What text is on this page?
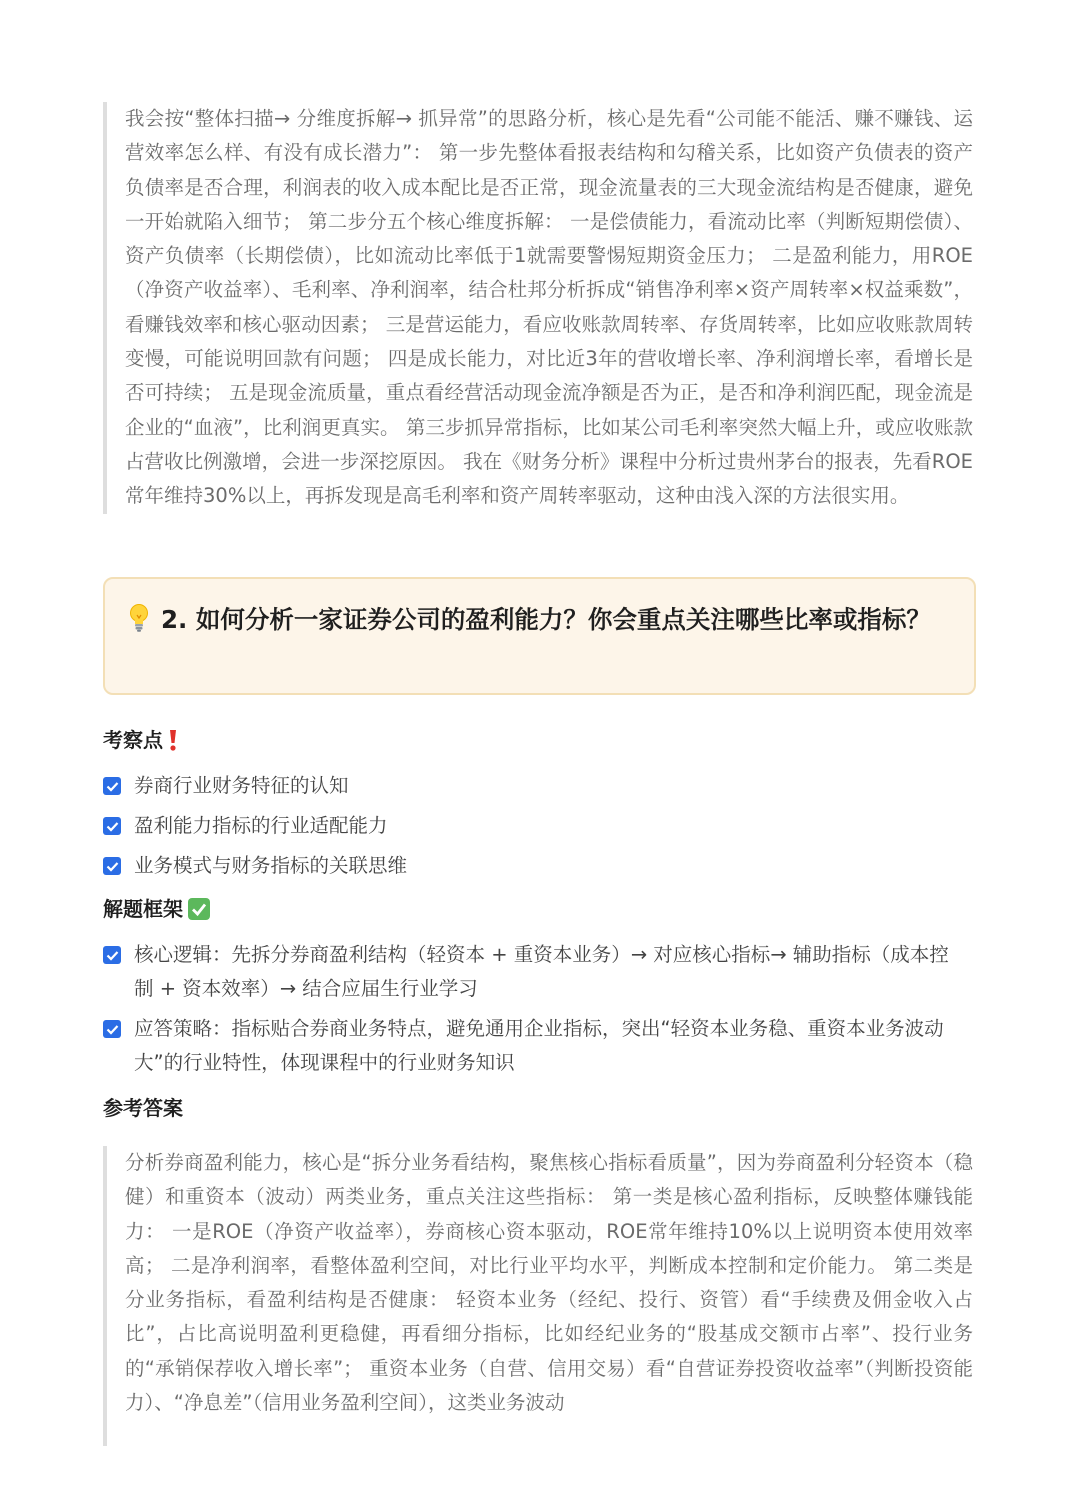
我会按“整体扫描→ 分维度拆解→ 抓异常”的思路分析，核心是先看“公司能不能活、赚不赚钱、运营效率怎么样、有没有成长潜力”： 第一步先整体看报表结构和勾稽关系，比如资产负债表的资产负债率是否合理，利润表的收入成本配比是否正常，现金流量表的三大现金流结构是否健康，避免一开始就陷入细节； 第二步分五个核心维度拆解： 一是偿债能力，看流动比率（判断短期偿债）、资产负债率（长期偿债），比如流动比率低于1就需要警惕短期资金压力； 二是盈利能力，用ROE（净资产收益率）、毛利率、净利润率，结合杜邦分析拆成“销售净利率×资产周转率×权益乘数”，看赚钱效率和核心驱动因素； 三是营运能力，看应收账款周转率、存货周转率，比如应收账款周转变慢，可能说明回款有问题； 四是成长能力，对比近3年的营收增长率、净利润增长率，看增长是否可持续； 五是现金流质量，重点看经营活动现金流净额是否为正，是否和净利润匹配，现金流是企业的“血液”，比利润更真实。 第三步抓异常指标，比如某公司毛利率突然大幅上升，或应收账款占营收比例激增，会进一步深挖原因。 我在《财务分析》课程中分析过贵州茅台的报表，先看ROE常年维持30%以上，再拆发现是高毛利率和资产周转率驱动，这种由浅入深的方法很实用。

2. 如何分析一家证券公司的盈利能力？你会重点关注哪些比率或指标？
考察点
券商行业财务特征的认知
盈利能力指标的行业适配能力
业务模式与财务指标的关联思维
解题框架
核心逻辑：先拆分券商盈利结构（轻资本 + 重资本业务）→ 对应核心指标→ 辅助指标（成本控制 + 资本效率）→ 结合应届生行业学习
应答策略：指标贴合券商业务特点，避免通用企业指标，突出“轻资本业务稳、重资本业务波动大”的行业特性，体现课程中的行业财务知识
参考答案

分析券商盈利能力，核心是“拆分业务看结构，聚焦核心指标看质量”，因为券商盈利分轻资本（稳健）和重资本（波动）两类业务，重点关注这些指标： 第一类是核心盈利指标，反映整体赚钱能力： 一是ROE（净资产收益率），券商核心资本驱动，ROE常年维持10%以上说明资本使用效率高； 二是净利润率，看整体盈利空间，对比行业平均水平，判断成本控制和定价能力。 第二类是分业务指标，看盈利结构是否健康： 轻资本业务（经纪、投行、资管）看“手续费及佣金收入占比”，占比高说明盈利更稳健，再看细分指标，比如经纪业务的“股基成交额市占率”、投行业务的“承销保荐收入增长率”； 重资本业务（自营、信用交易）看“自营证券投资收益率”（判断投资能力）、“净息差”（信用业务盈利空间），这类业务波动
